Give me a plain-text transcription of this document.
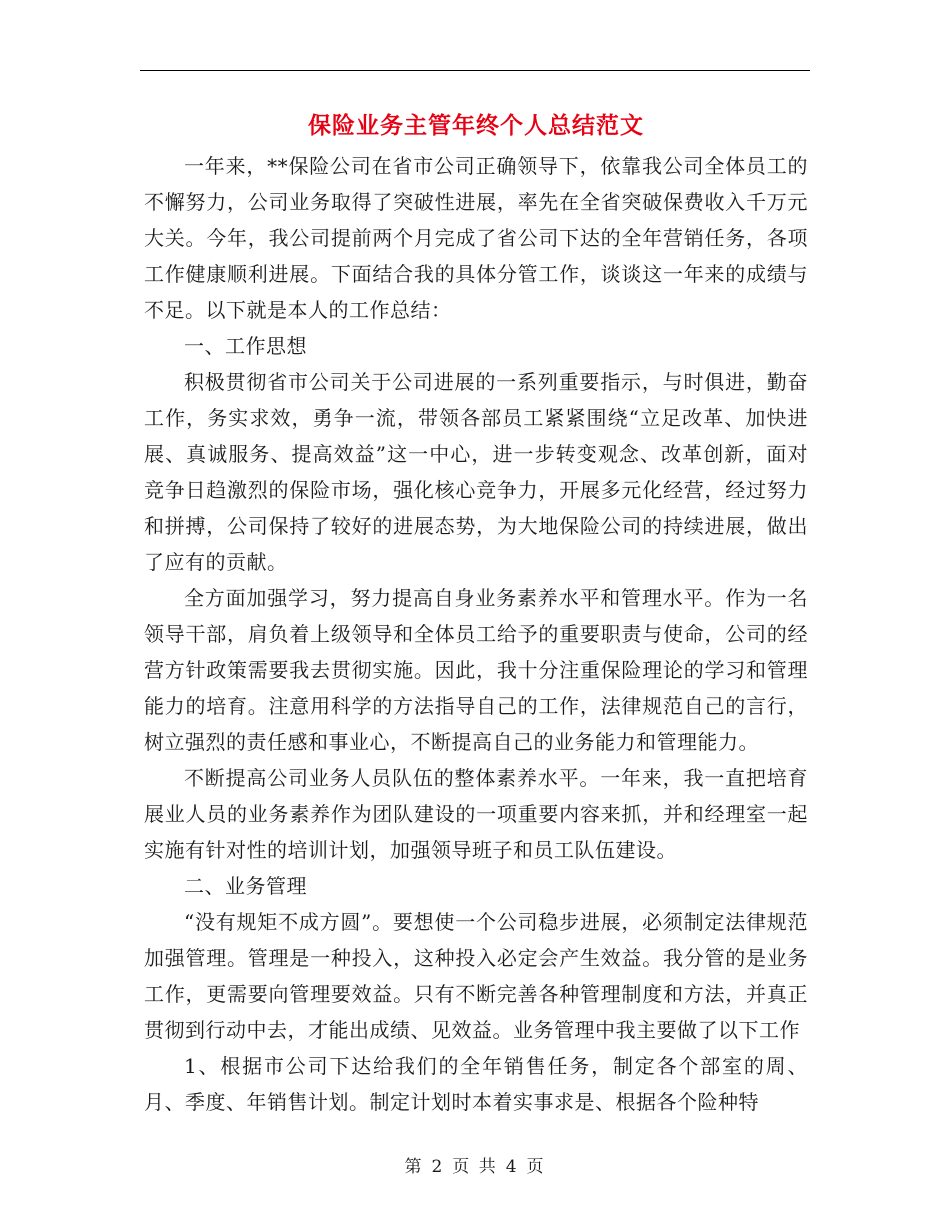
保险业务主管年终个人总结范文

一年来，**保险公司在省市公司正确领导下，依靠我公司全体员工的不懈努力，公司业务取得了突破性进展，率先在全省突破保费收入千万元大关。今年，我公司提前两个月完成了省公司下达的全年营销任务，各项工作健康顺利进展。下面结合我的具体分管工作，谈谈这一年来的成绩与不足。以下就是本人的工作总结：

一、工作思想

积极贯彻省市公司关于公司进展的一系列重要指示，与时俱进，勤奋工作，务实求效，勇争一流，带领各部员工紧紧围绕“立足改革、加快进展、真诚服务、提高效益”这一中心，进一步转变观念、改革创新，面对竞争日趋激烈的保险市场，强化核心竞争力，开展多元化经营，经过努力和拼搏，公司保持了较好的进展态势，为大地保险公司的持续进展，做出了应有的贡献。

全方面加强学习，努力提高自身业务素养水平和管理水平。作为一名领导干部，肩负着上级领导和全体员工给予的重要职责与使命，公司的经营方针政策需要我去贯彻实施。因此，我十分注重保险理论的学习和管理能力的培育。注意用科学的方法指导自己的工作，法律规范自己的言行，树立强烈的责任感和事业心，不断提高自己的业务能力和管理能力。

不断提高公司业务人员队伍的整体素养水平。一年来，我一直把培育展业人员的业务素养作为团队建设的一项重要内容来抓，并和经理室一起实施有针对性的培训计划，加强领导班子和员工队伍建设。

二、业务管理

“没有规矩不成方圆”。要想使一个公司稳步进展，必须制定法律规范加强管理。管理是一种投入，这种投入必定会产生效益。我分管的是业务工作，更需要向管理要效益。只有不断完善各种管理制度和方法，并真正贯彻到行动中去，才能出成绩、见效益。业务管理中我主要做了以下工作

1、根据市公司下达给我们的全年销售任务，制定各个部室的周、月、季度、年销售计划。制定计划时本着实事求是、根据各个险种特

第 2 页 共 4 页
